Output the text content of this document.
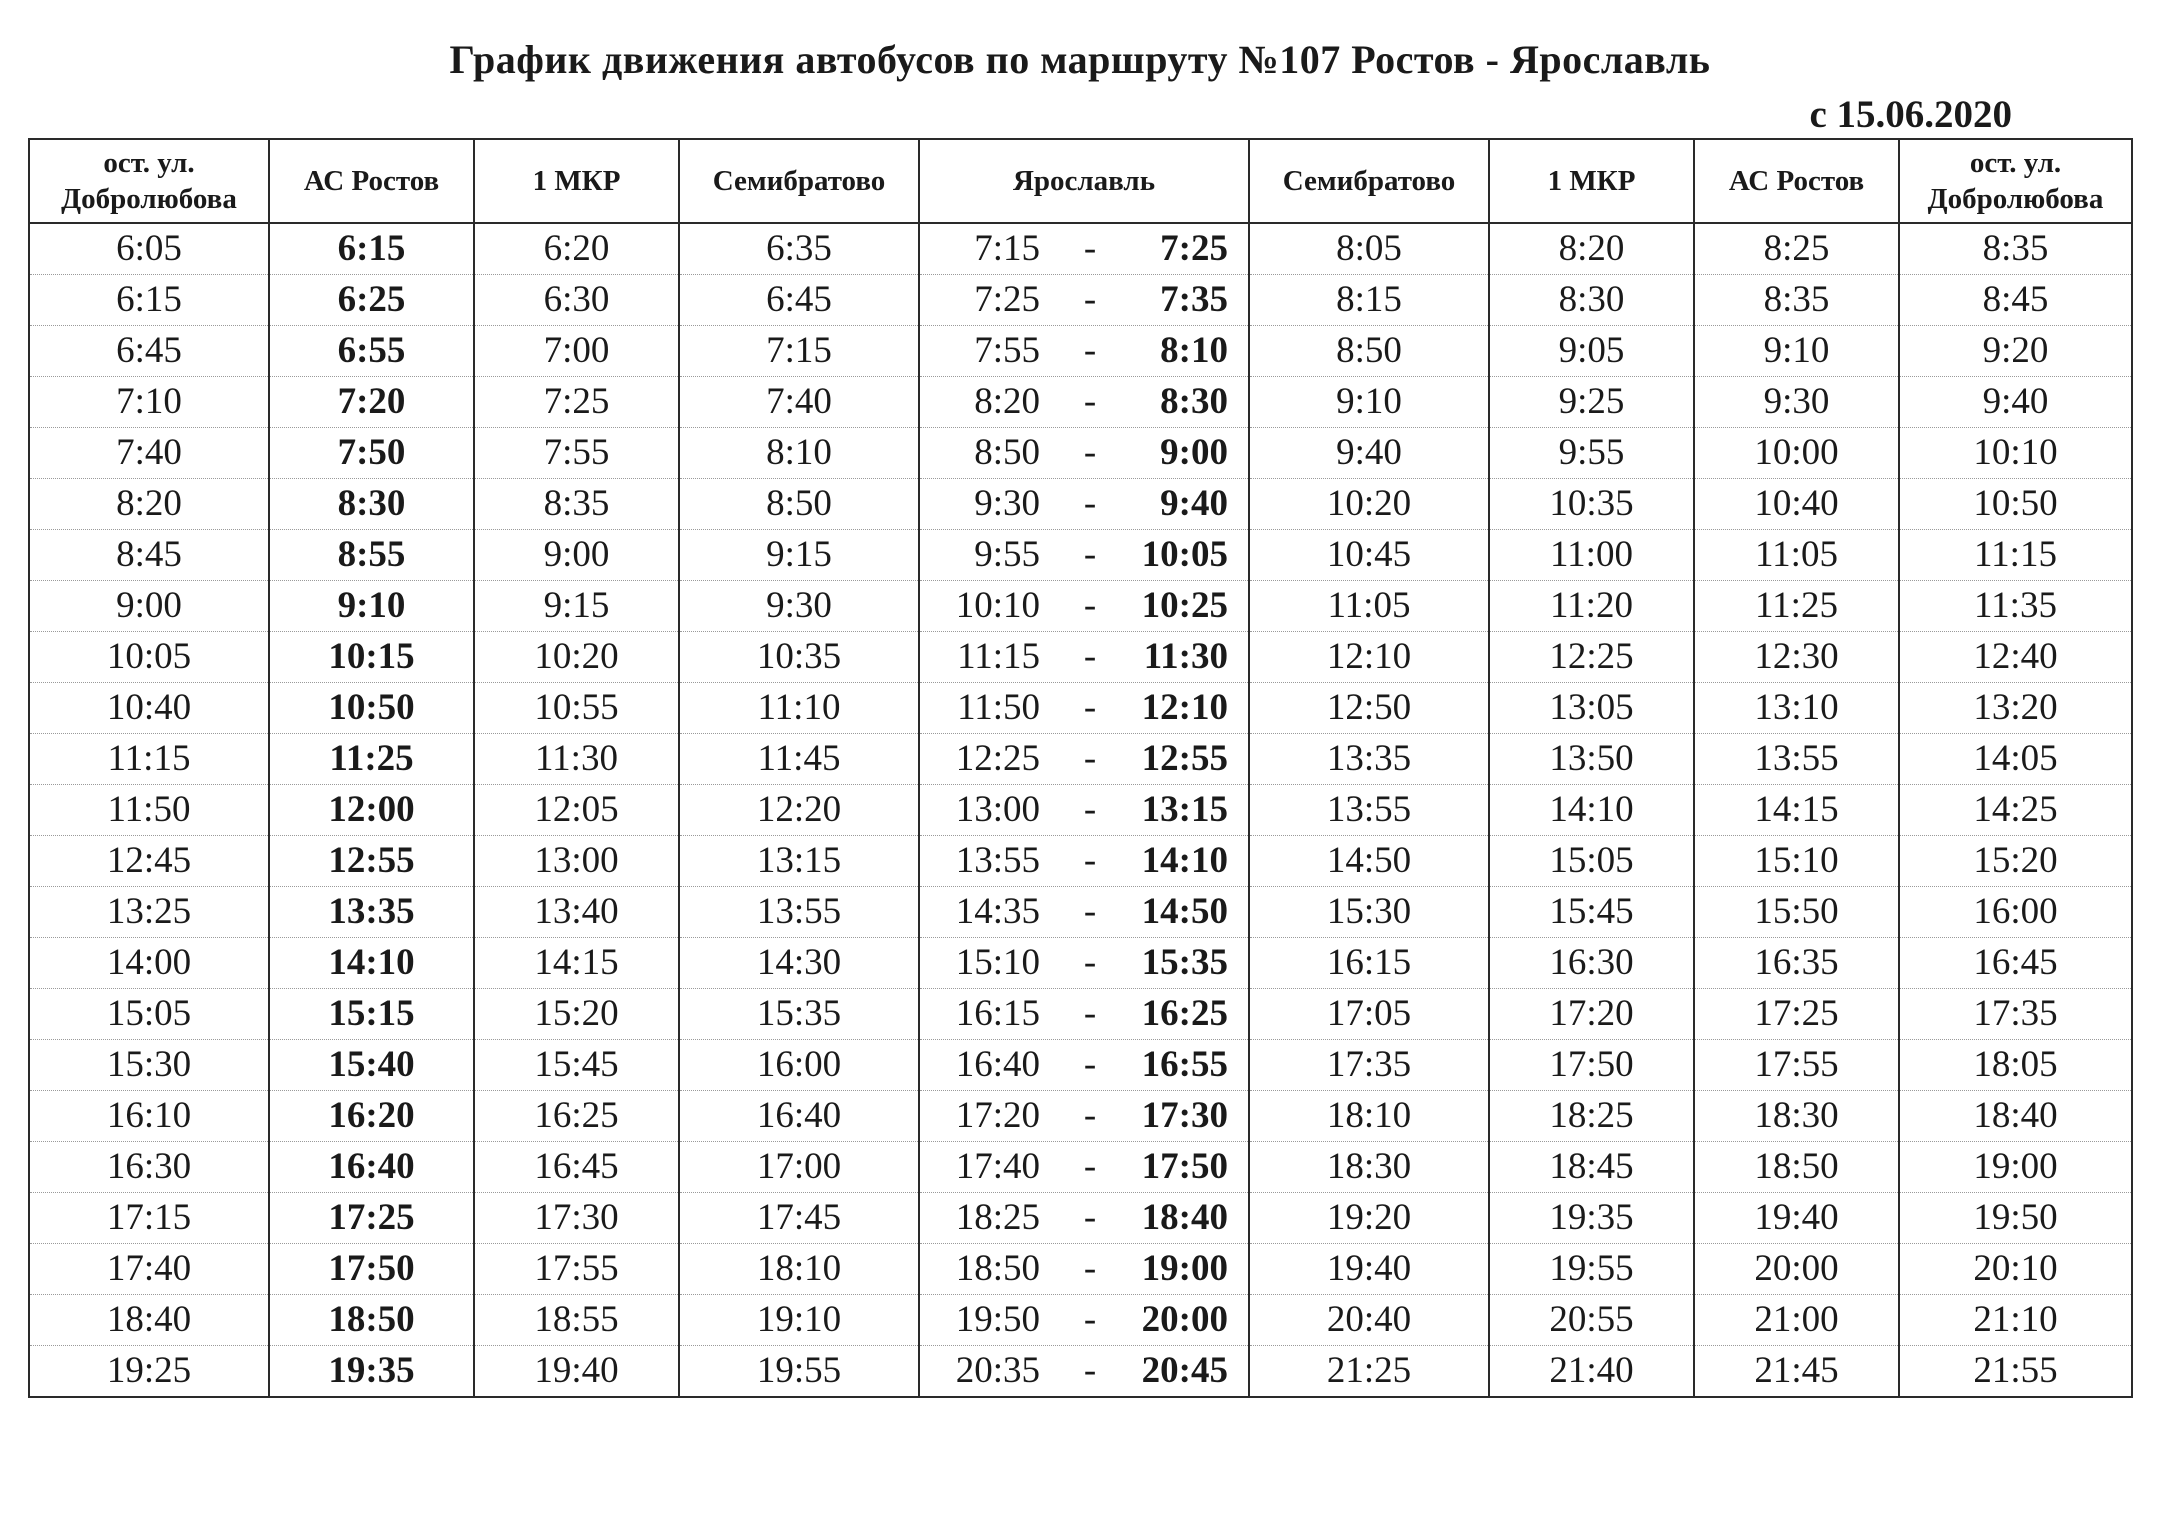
График движения автобусов по маршруту №107 Ростов - Ярославль
с 15.06.2020
ост. ул. Добролюбова	АС Ростов	1 МКР	Семибратово	Ярославль	Семибратово	1 МКР	АС Ростов	ост. ул. Добролюбова
6:05	6:15	6:20	6:35	7:15 - 7:25	8:05	8:20	8:25	8:35
6:15	6:25	6:30	6:45	7:25 - 7:35	8:15	8:30	8:35	8:45
6:45	6:55	7:00	7:15	7:55 - 8:10	8:50	9:05	9:10	9:20
7:10	7:20	7:25	7:40	8:20 - 8:30	9:10	9:25	9:30	9:40
7:40	7:50	7:55	8:10	8:50 - 9:00	9:40	9:55	10:00	10:10
8:20	8:30	8:35	8:50	9:30 - 9:40	10:20	10:35	10:40	10:50
8:45	8:55	9:00	9:15	9:55 - 10:05	10:45	11:00	11:05	11:15
9:00	9:10	9:15	9:30	10:10 - 10:25	11:05	11:20	11:25	11:35
10:05	10:15	10:20	10:35	11:15 - 11:30	12:10	12:25	12:30	12:40
10:40	10:50	10:55	11:10	11:50 - 12:10	12:50	13:05	13:10	13:20
11:15	11:25	11:30	11:45	12:25 - 12:55	13:35	13:50	13:55	14:05
11:50	12:00	12:05	12:20	13:00 - 13:15	13:55	14:10	14:15	14:25
12:45	12:55	13:00	13:15	13:55 - 14:10	14:50	15:05	15:10	15:20
13:25	13:35	13:40	13:55	14:35 - 14:50	15:30	15:45	15:50	16:00
14:00	14:10	14:15	14:30	15:10 - 15:35	16:15	16:30	16:35	16:45
15:05	15:15	15:20	15:35	16:15 - 16:25	17:05	17:20	17:25	17:35
15:30	15:40	15:45	16:00	16:40 - 16:55	17:35	17:50	17:55	18:05
16:10	16:20	16:25	16:40	17:20 - 17:30	18:10	18:25	18:30	18:40
16:30	16:40	16:45	17:00	17:40 - 17:50	18:30	18:45	18:50	19:00
17:15	17:25	17:30	17:45	18:25 - 18:40	19:20	19:35	19:40	19:50
17:40	17:50	17:55	18:10	18:50 - 19:00	19:40	19:55	20:00	20:10
18:40	18:50	18:55	19:10	19:50 - 20:00	20:40	20:55	21:00	21:10
19:25	19:35	19:40	19:55	20:35 - 20:45	21:25	21:40	21:45	21:55
